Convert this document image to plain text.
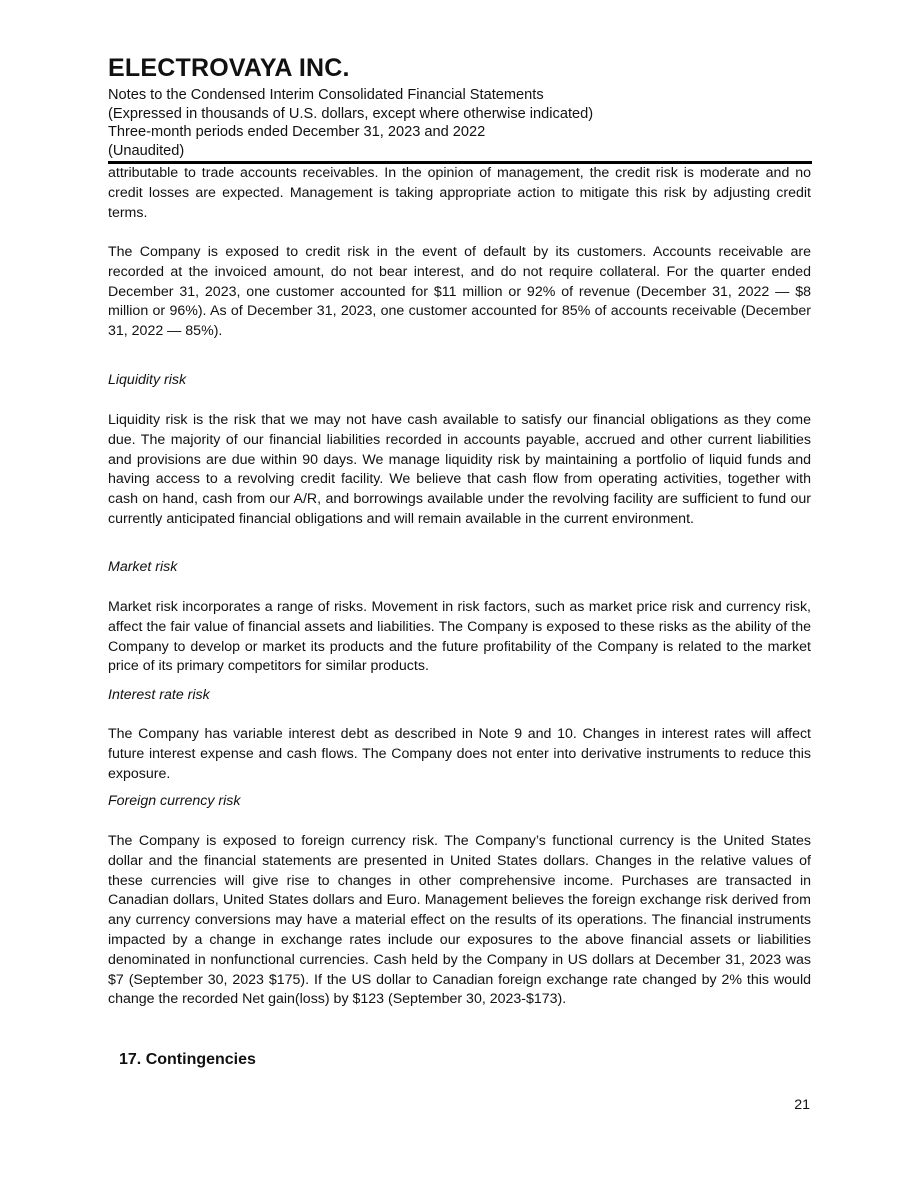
ELECTROVAYA INC.

Notes to the Condensed Interim Consolidated Financial Statements

(Expressed in thousands of U.S. dollars, except where otherwise indicated)

Three-month periods ended December 31, 2023 and 2022

(Unaudited)

attributable to trade accounts receivables. In the opinion of management, the credit risk is moderate and no credit losses are expected. Management is taking appropriate action to mitigate this risk by adjusting credit terms.

The Company is exposed to credit risk in the event of default by its customers. Accounts receivable are recorded at the invoiced amount, do not bear interest, and do not require collateral. For the quarter ended December 31, 2023, one customer accounted for $11 million or 92% of revenue (December 31, 2022 — $8 million or 96%). As of December 31, 2023, one customer accounted for 85% of accounts receivable (December 31, 2022 — 85%).

Liquidity risk

Liquidity risk is the risk that we may not have cash available to satisfy our financial obligations as they come due. The majority of our financial liabilities recorded in accounts payable, accrued and other current liabilities and provisions are due within 90 days. We manage liquidity risk by maintaining a portfolio of liquid funds and having access to a revolving credit facility. We believe that cash flow from operating activities, together with cash on hand, cash from our A/R, and borrowings available under the revolving facility are sufficient to fund our currently anticipated financial obligations and will remain available in the current environment.

Market risk

Market risk incorporates a range of risks. Movement in risk factors, such as market price risk and currency risk, affect the fair value of financial assets and liabilities. The Company is exposed to these risks as the ability of the Company to develop or market its products and the future profitability of the Company is related to the market price of its primary competitors for similar products.

Interest rate risk

The Company has variable interest debt as described in Note 9 and 10. Changes in interest rates will affect future interest expense and cash flows. The Company does not enter into derivative instruments to reduce this exposure.

Foreign currency risk

The Company is exposed to foreign currency risk. The Company’s functional currency is the United States dollar and the financial statements are presented in United States dollars. Changes in the relative values of these currencies will give rise to changes in other comprehensive income. Purchases are transacted in Canadian dollars, United States dollars and Euro. Management believes the foreign exchange risk derived from any currency conversions may have a material effect on the results of its operations. The financial instruments impacted by a change in exchange rates include our exposures to the above financial assets or liabilities denominated in nonfunctional currencies. Cash held by the Company in US dollars at December 31, 2023 was $7 (September 30, 2023 $175). If the US dollar to Canadian foreign exchange rate changed by 2% this would change the recorded Net gain(loss) by $123 (September 30, 2023-$173).

17. Contingencies

21
